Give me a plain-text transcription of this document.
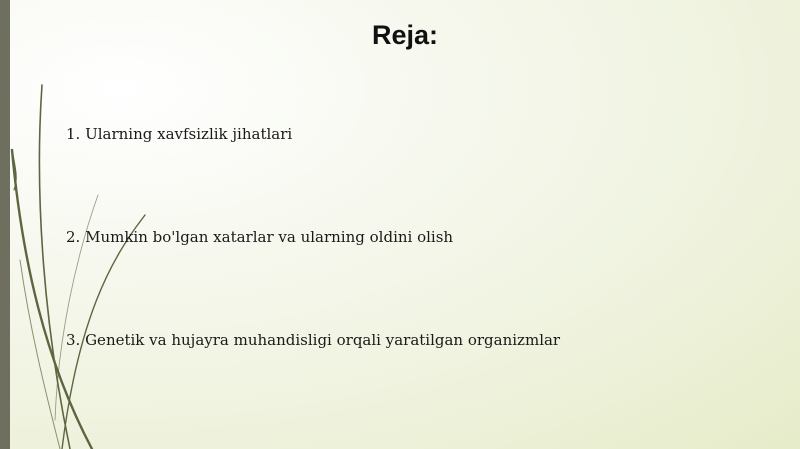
Reja:
1. Ularning xavfsizlik jihatlari
2. Mumkin bo'lgan xatarlar va ularning oldini olish
3. Genetik va hujayra muhandisligi orqali yaratilgan organizmlar
